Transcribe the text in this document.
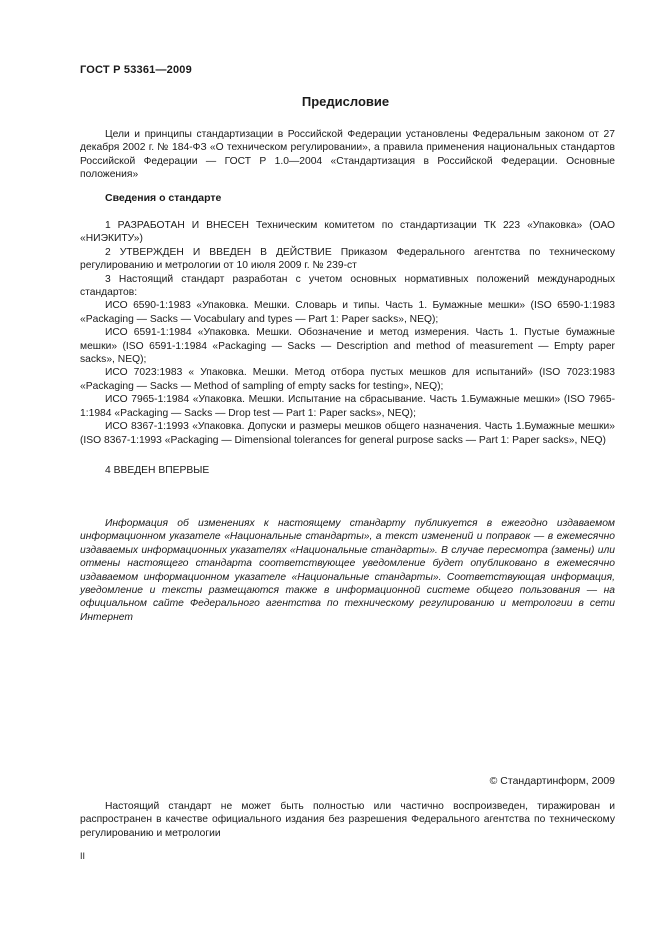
ГОСТ Р 53361—2009
Предисловие

Цели и принципы стандартизации в Российской Федерации установлены Федеральным законом от 27 декабря 2002 г. № 184-ФЗ «О техническом регулировании», а правила применения национальных стандартов Российской Федерации — ГОСТ Р 1.0—2004 «Стандартизация в Российской Федерации. Основные положения»

Сведения о стандарте

1 РАЗРАБОТАН И ВНЕСЕН Техническим комитетом по стандартизации ТК 223 «Упаковка» (ОАО «НИЭКИТУ»)

2 УТВЕРЖДЕН И ВВЕДЕН В ДЕЙСТВИЕ Приказом Федерального агентства по техническому регулированию и метрологии от 10 июля 2009 г. № 239-ст

3 Настоящий стандарт разработан с учетом основных нормативных положений международных стандартов:

ИСО 6590-1:1983 «Упаковка. Мешки. Словарь и типы. Часть 1. Бумажные мешки» (ISO 6590-1:1983 «Packaging — Sacks — Vocabulary and types — Part 1: Paper sacks», NEQ);

ИСО 6591-1:1984 «Упаковка. Мешки. Обозначение и метод измерения. Часть 1. Пустые бумажные мешки» (ISO 6591-1:1984 «Packaging — Sacks — Description and method of measurement — Empty paper sacks», NEQ);

ИСО 7023:1983 « Упаковка. Мешки. Метод отбора пустых мешков для испытаний» (ISO 7023:1983 «Packaging — Sacks — Method of sampling of empty sacks for testing», NEQ);

ИСО 7965-1:1984 «Упаковка. Мешки. Испытание на сбрасывание. Часть 1.Бумажные мешки» (ISO 7965-1:1984 «Packaging — Sacks — Drop test — Part 1: Paper sacks», NEQ);

ИСО 8367-1:1993 «Упаковка. Допуски и размеры мешков общего назначения. Часть 1.Бумажные мешки» (ISO 8367-1:1993 «Packaging — Dimensional tolerances for general purpose sacks — Part 1: Paper sacks», NEQ)

4 ВВЕДЕН ВПЕРВЫЕ

Информация об изменениях к настоящему стандарту публикуется в ежегодно издаваемом информационном указателе «Национальные стандарты», а текст изменений и поправок — в ежемесячно издаваемых информационных указателях «Национальные стандарты». В случае пересмотра (замены) или отмены настоящего стандарта соответствующее уведомление будет опубликовано в ежемесячно издаваемом информационном указателе «Национальные стандарты». Соответствующая информация, уведомление и тексты размещаются также в информационной системе общего пользования — на официальном сайте Федерального агентства по техническому регулированию и метрологии в сети Интернет

© Стандартинформ, 2009

Настоящий стандарт не может быть полностью или частично воспроизведен, тиражирован и распространен в качестве официального издания без разрешения Федерального агентства по техническому регулированию и метрологии

II
